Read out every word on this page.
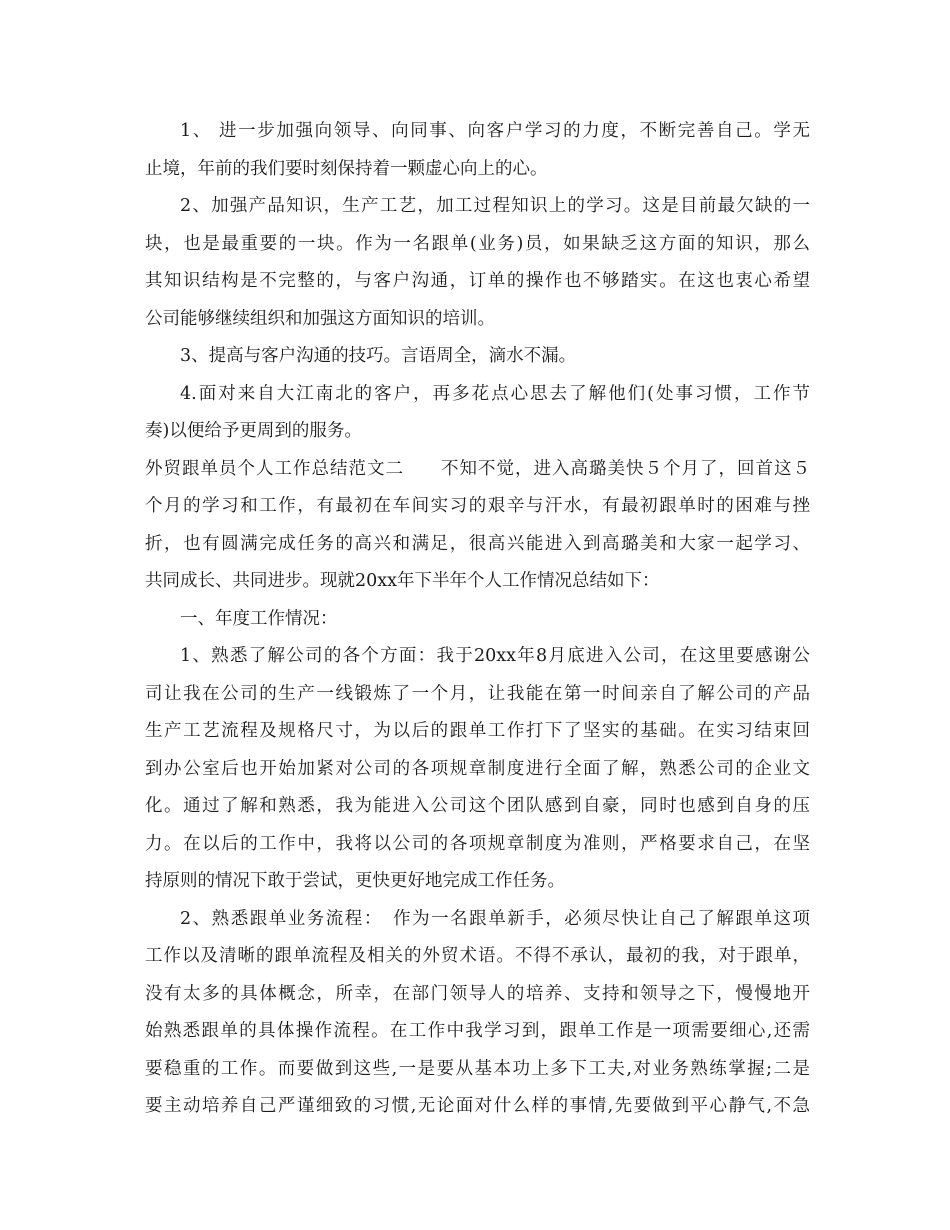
1、 进一步加强向领导、向同事、向客户学习的力度，不断完善自己。学无
止境，年前的我们要时刻保持着一颗虚心向上的心。
2、加强产品知识，生产工艺，加工过程知识上的学习。这是目前最欠缺的一
块，也是最重要的一块。作为一名跟单(业务)员，如果缺乏这方面的知识，那么
其知识结构是不完整的，与客户沟通，订单的操作也不够踏实。在这也衷心希望
公司能够继续组织和加强这方面知识的培训。
3、提高与客户沟通的技巧。言语周全，滴水不漏。
4.面对来自大江南北的客户，再多花点心思去了解他们(处事习惯，工作节
奏)以便给予更周到的服务。
外贸跟单员个人工作总结范文二　　不知不觉，进入高璐美快５个月了，回首这５
个月的学习和工作，有最初在车间实习的艰辛与汗水，有最初跟单时的困难与挫
折，也有圆满完成任务的高兴和满足，很高兴能进入到高璐美和大家一起学习、
共同成长、共同进步。现就20xx年下半年个人工作情况总结如下：
一、年度工作情况：
1、熟悉了解公司的各个方面：我于20xx年8月底进入公司，在这里要感谢公
司让我在公司的生产一线锻炼了一个月，让我能在第一时间亲自了解公司的产品
生产工艺流程及规格尺寸，为以后的跟单工作打下了坚实的基础。在实习结束回
到办公室后也开始加紧对公司的各项规章制度进行全面了解，熟悉公司的企业文
化。通过了解和熟悉，我为能进入公司这个团队感到自豪，同时也感到自身的压
力。在以后的工作中，我将以公司的各项规章制度为准则，严格要求自己，在坚
持原则的情况下敢于尝试，更快更好地完成工作任务。
2、熟悉跟单业务流程：　作为一名跟单新手，必须尽快让自己了解跟单这项
工作以及清晰的跟单流程及相关的外贸术语。不得不承认，最初的我，对于跟单，
没有太多的具体概念，所幸，在部门领导人的培养、支持和领导之下，慢慢地开
始熟悉跟单的具体操作流程。在工作中我学习到，跟单工作是一项需要细心,还需
要稳重的工作。而要做到这些,一是要从基本功上多下工夫,对业务熟练掌握;二是
要主动培养自己严谨细致的习惯,无论面对什么样的事情,先要做到平心静气,不急
